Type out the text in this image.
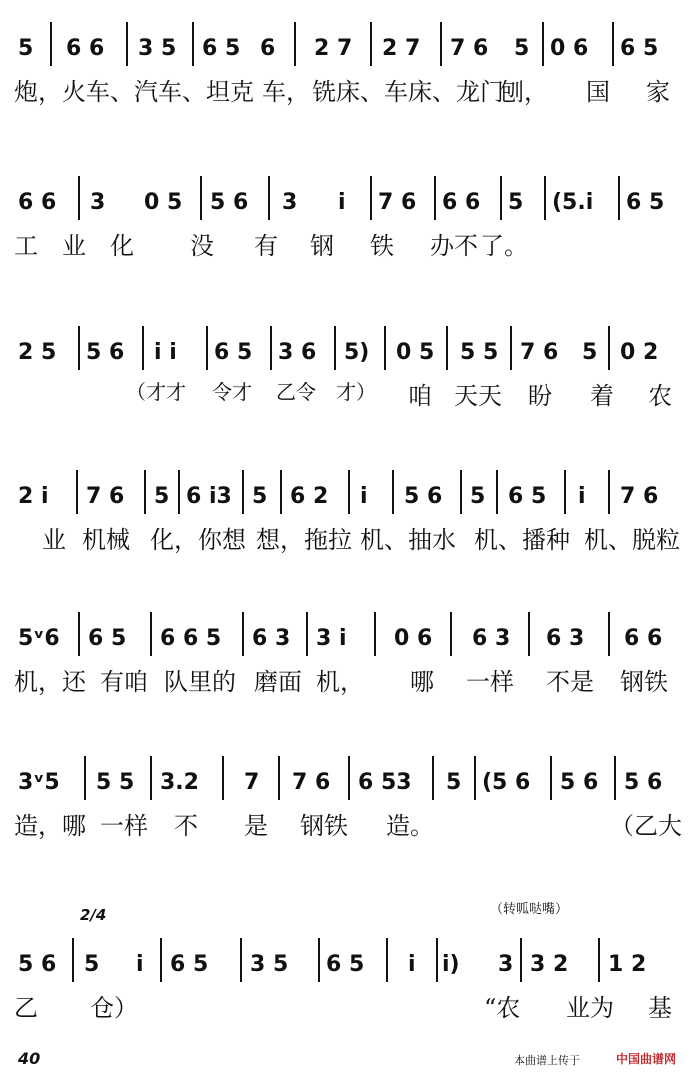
5 6 6 3 5 6 5 6 2 7 2 7 7 6 5 0 6 6 5
炮， 火车、汽车、坦克 车， 铣床、车床、龙门
刨， 国 家
6 6 3 0 5 5 6 3 i 7 6 6 6 5 (5.i 6 5
工 业 化 没 有 钢 铁 办不 了。
2 5 5 6 i i 6 5 3 6 5) 0 5 5 5 7 6 5 0 2
（才才 令才 乙令 才） 咱 天天 盼 着 农
2 i 7 6 5 6 i3 5 6 2 i 5 6 5 6 5 i 7 6
业 机械 化，你想 想，拖拉 机、抽水 机、播种 机、脱粒
5ᵛ6 6 5 6 6 5 6 3 3 i 0 6 6 3 6 3 6 6
机，还 有咱 队里的 磨面 机， 哪 一样 不是 钢铁
3ᵛ5 5 5 3.2 7 7 6 6 53 5 (5 6 5 6 5 6
造，哪 一样 不 是 钢铁 造。	（乙大
2/4	（转呱哒嘴）
5 6 5 i 6 5 3 5 6 5 i i) 3 3 2 1 2
乙 仓）	“农 业为 基
40	本曲谱上传于	中国曲谱网
